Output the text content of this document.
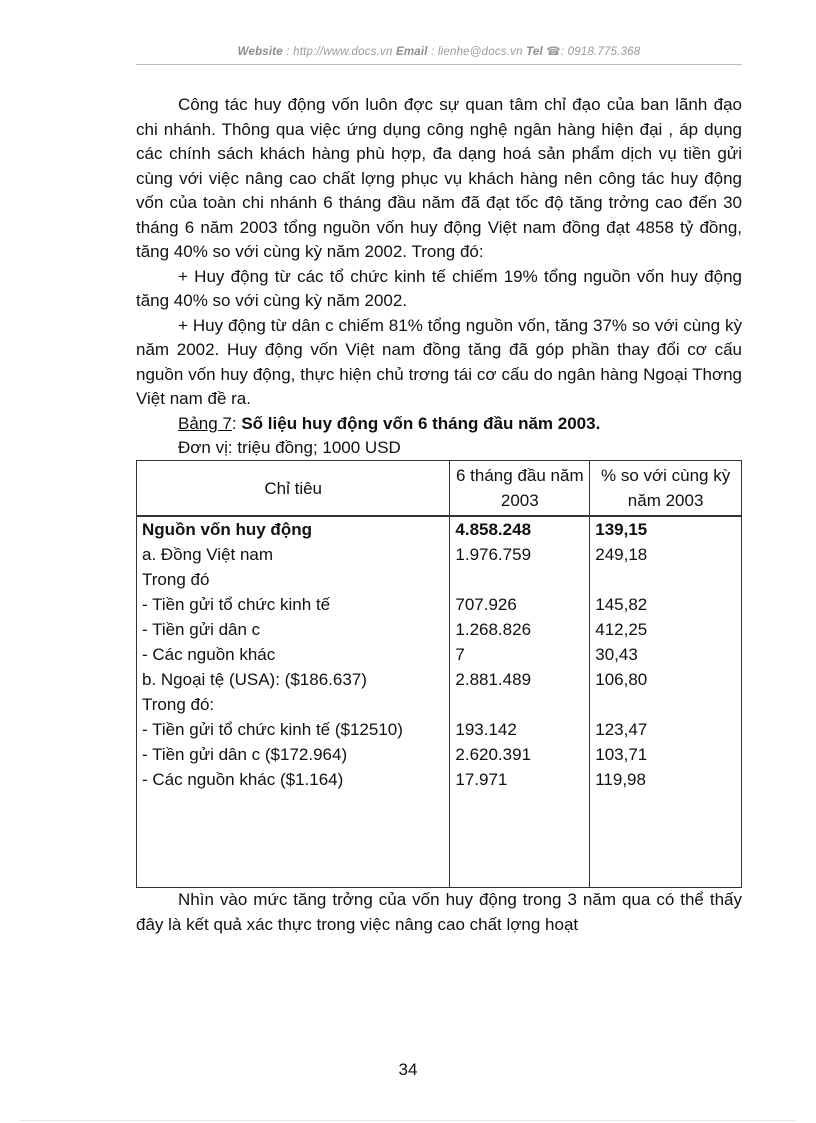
Website : http://www.docs.vn Email : lienhe@docs.vn Tel ☎: 0918.775.368

Công tác huy động vốn luôn đợc sự quan tâm chỉ đạo của ban lãnh đạo chi nhánh. Thông qua việc ứng dụng công nghệ ngân hàng hiện đại , áp dụng các chính sách khách hàng phù hợp, đa dạng hoá sản phẩm dịch vụ tiền gửi cùng với việc nâng cao chất lợng phục vụ khách hàng nên công tác huy động vốn của toàn chi nhánh 6 tháng đầu năm đã đạt tốc độ tăng trởng cao đến 30 tháng 6 năm 2003 tổng nguồn vốn huy động Việt nam đồng đạt 4858 tỷ đồng, tăng 40% so với cùng kỳ năm 2002. Trong đó:

+ Huy động từ các tổ chức kinh tế chiếm 19% tổng nguồn vốn huy động tăng 40% so với cùng kỳ năm 2002.

+ Huy động từ dân c chiếm 81% tổng nguồn vốn, tăng 37% so với cùng kỳ năm 2002. Huy động vốn Việt nam đồng tăng đã góp phần thay đổi cơ cấu nguồn vốn huy động, thực hiện chủ trơng tái cơ cấu do ngân hàng Ngoại Thơng Việt nam đề ra.

Bảng 7: Số liệu huy động vốn 6 tháng đầu năm 2003.

Đơn vị: triệu đồng; 1000 USD

Chỉ tiêu	6 tháng đầu năm 2003	% so với cùng kỳ năm 2003
Nguồn vốn huy động	4.858.248	139,15
a. Đồng Việt nam	1.976.759	249,18
Trong đó		
- Tiền gửi tổ chức kinh tế	707.926	145,82
- Tiền gửi dân c	1.268.826	412,25
- Các nguồn khác	7	30,43
b. Ngoại tệ (USA): ($186.637)	2.881.489	106,80
Trong đó:		
- Tiền gửi tổ chức kinh tế ($12510)	193.142	123,47
- Tiền gửi dân c ($172.964)	2.620.391	103,71
- Các nguồn khác ($1.164)	17.971	119,98

Nhìn vào mức tăng trởng của vốn huy động trong 3 năm qua có thể thấy đây là kết quả xác thực trong việc nâng cao chất lợng hoạt

34
